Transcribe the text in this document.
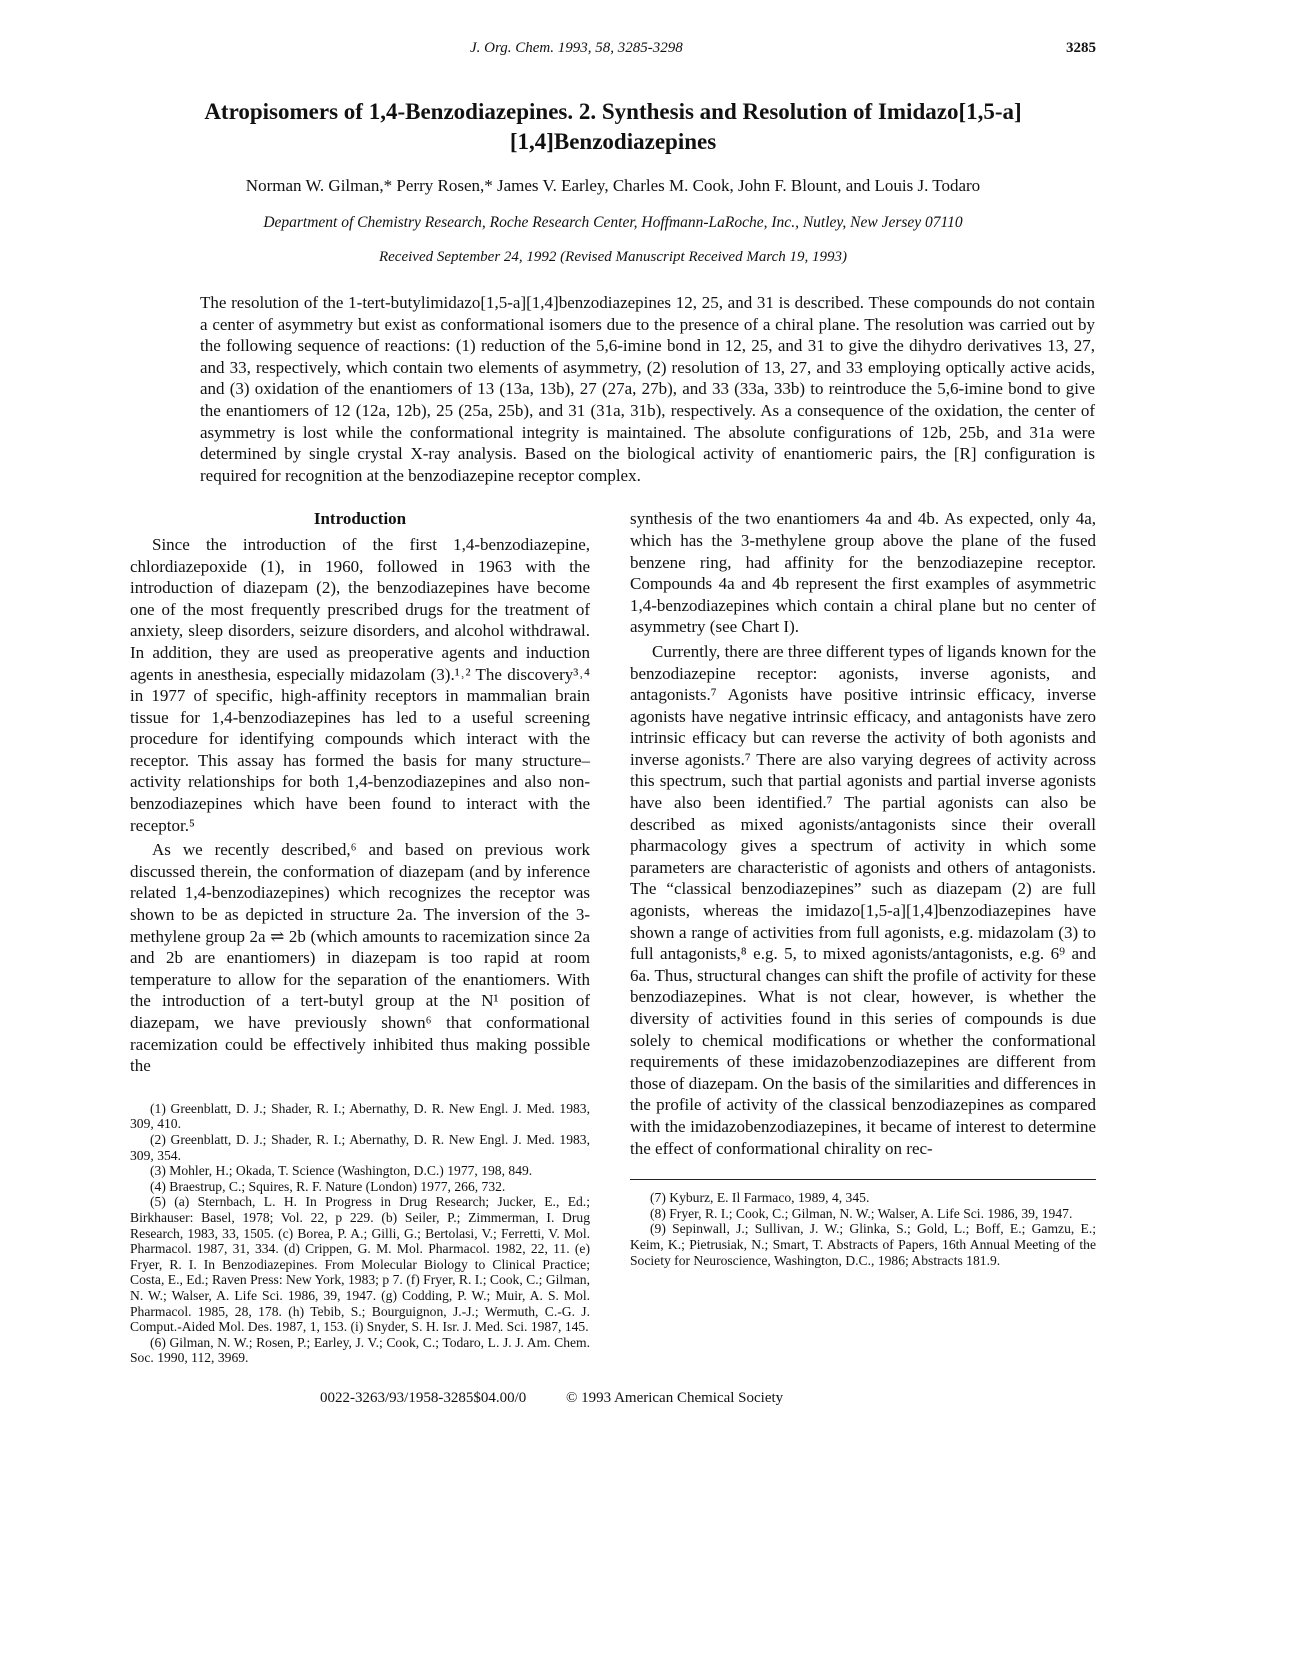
J. Org. Chem. 1993, 58, 3285-3298	3285
Atropisomers of 1,4-Benzodiazepines. 2. Synthesis and Resolution of Imidazo[1,5-a][1,4]Benzodiazepines
Norman W. Gilman,* Perry Rosen,* James V. Earley, Charles M. Cook, John F. Blount, and Louis J. Todaro
Department of Chemistry Research, Roche Research Center, Hoffmann-LaRoche, Inc., Nutley, New Jersey 07110
Received September 24, 1992 (Revised Manuscript Received March 19, 1993)
The resolution of the 1-tert-butylimidazo[1,5-a][1,4]benzodiazepines 12, 25, and 31 is described. These compounds do not contain a center of asymmetry but exist as conformational isomers due to the presence of a chiral plane. The resolution was carried out by the following sequence of reactions: (1) reduction of the 5,6-imine bond in 12, 25, and 31 to give the dihydro derivatives 13, 27, and 33, respectively, which contain two elements of asymmetry, (2) resolution of 13, 27, and 33 employing optically active acids, and (3) oxidation of the enantiomers of 13 (13a, 13b), 27 (27a, 27b), and 33 (33a, 33b) to reintroduce the 5,6-imine bond to give the enantiomers of 12 (12a, 12b), 25 (25a, 25b), and 31 (31a, 31b), respectively. As a consequence of the oxidation, the center of asymmetry is lost while the conformational integrity is maintained. The absolute configurations of 12b, 25b, and 31a were determined by single crystal X-ray analysis. Based on the biological activity of enantiomeric pairs, the [R] configuration is required for recognition at the benzodiazepine receptor complex.

Introduction

Since the introduction of the first 1,4-benzodiazepine, chlordiazepoxide (1), in 1960, followed in 1963 with the introduction of diazepam (2), the benzodiazepines have become one of the most frequently prescribed drugs for the treatment of anxiety, sleep disorders, seizure disorders, and alcohol withdrawal. In addition, they are used as preoperative agents and induction agents in anesthesia, especially midazolam (3).¹˒² The discovery³˒⁴ in 1977 of specific, high-affinity receptors in mammalian brain tissue for 1,4-benzodiazepines has led to a useful screening procedure for identifying compounds which interact with the receptor. This assay has formed the basis for many structure–activity relationships for both 1,4-benzodiazepines and also non-benzodiazepines which have been found to interact with the receptor.⁵

As we recently described,⁶ and based on previous work discussed therein, the conformation of diazepam (and by inference related 1,4-benzodiazepines) which recognizes the receptor was shown to be as depicted in structure 2a. The inversion of the 3-methylene group 2a ⇌ 2b (which amounts to racemization since 2a and 2b are enantiomers) in diazepam is too rapid at room temperature to allow for the separation of the enantiomers. With the introduction of a tert-butyl group at the N¹ position of diazepam, we have previously shown⁶ that conformational racemization could be effectively inhibited thus making possible the

(1) Greenblatt, D. J.; Shader, R. I.; Abernathy, D. R. New Engl. J. Med. 1983, 309, 410.

(2) Greenblatt, D. J.; Shader, R. I.; Abernathy, D. R. New Engl. J. Med. 1983, 309, 354.

(3) Mohler, H.; Okada, T. Science (Washington, D.C.) 1977, 198, 849.

(4) Braestrup, C.; Squires, R. F. Nature (London) 1977, 266, 732.

(5) (a) Sternbach, L. H. In Progress in Drug Research; Jucker, E., Ed.; Birkhauser: Basel, 1978; Vol. 22, p 229. (b) Seiler, P.; Zimmerman, I. Drug Research, 1983, 33, 1505. (c) Borea, P. A.; Gilli, G.; Bertolasi, V.; Ferretti, V. Mol. Pharmacol. 1987, 31, 334. (d) Crippen, G. M. Mol. Pharmacol. 1982, 22, 11. (e) Fryer, R. I. In Benzodiazepines. From Molecular Biology to Clinical Practice; Costa, E., Ed.; Raven Press: New York, 1983; p 7. (f) Fryer, R. I.; Cook, C.; Gilman, N. W.; Walser, A. Life Sci. 1986, 39, 1947. (g) Codding, P. W.; Muir, A. S. Mol. Pharmacol. 1985, 28, 178. (h) Tebib, S.; Bourguignon, J.-J.; Wermuth, C.-G. J. Comput.-Aided Mol. Des. 1987, 1, 153. (i) Snyder, S. H. Isr. J. Med. Sci. 1987, 145.

(6) Gilman, N. W.; Rosen, P.; Earley, J. V.; Cook, C.; Todaro, L. J. J. Am. Chem. Soc. 1990, 112, 3969.

synthesis of the two enantiomers 4a and 4b. As expected, only 4a, which has the 3-methylene group above the plane of the fused benzene ring, had affinity for the benzodiazepine receptor. Compounds 4a and 4b represent the first examples of asymmetric 1,4-benzodiazepines which contain a chiral plane but no center of asymmetry (see Chart I).

Currently, there are three different types of ligands known for the benzodiazepine receptor: agonists, inverse agonists, and antagonists.⁷ Agonists have positive intrinsic efficacy, inverse agonists have negative intrinsic efficacy, and antagonists have zero intrinsic efficacy but can reverse the activity of both agonists and inverse agonists.⁷ There are also varying degrees of activity across this spectrum, such that partial agonists and partial inverse agonists have also been identified.⁷ The partial agonists can also be described as mixed agonists/antagonists since their overall pharmacology gives a spectrum of activity in which some parameters are characteristic of agonists and others of antagonists. The “classical benzodiazepines” such as diazepam (2) are full agonists, whereas the imidazo[1,5-a][1,4]benzodiazepines have shown a range of activities from full agonists, e.g. midazolam (3) to full antagonists,⁸ e.g. 5, to mixed agonists/antagonists, e.g. 6⁹ and 6a. Thus, structural changes can shift the profile of activity for these benzodiazepines. What is not clear, however, is whether the diversity of activities found in this series of compounds is due solely to chemical modifications or whether the conformational requirements of these imidazobenzodiazepines are different from those of diazepam. On the basis of the similarities and differences in the profile of activity of the classical benzodiazepines as compared with the imidazobenzodiazepines, it became of interest to determine the effect of conformational chirality on rec-

(7) Kyburz, E. Il Farmaco, 1989, 4, 345.

(8) Fryer, R. I.; Cook, C.; Gilman, N. W.; Walser, A. Life Sci. 1986, 39, 1947.

(9) Sepinwall, J.; Sullivan, J. W.; Glinka, S.; Gold, L.; Boff, E.; Gamzu, E.; Keim, K.; Pietrusiak, N.; Smart, T. Abstracts of Papers, 16th Annual Meeting of the Society for Neuroscience, Washington, D.C., 1986; Abstracts 181.9.

0022-3263/93/1958-3285$04.00/0	© 1993 American Chemical Society
